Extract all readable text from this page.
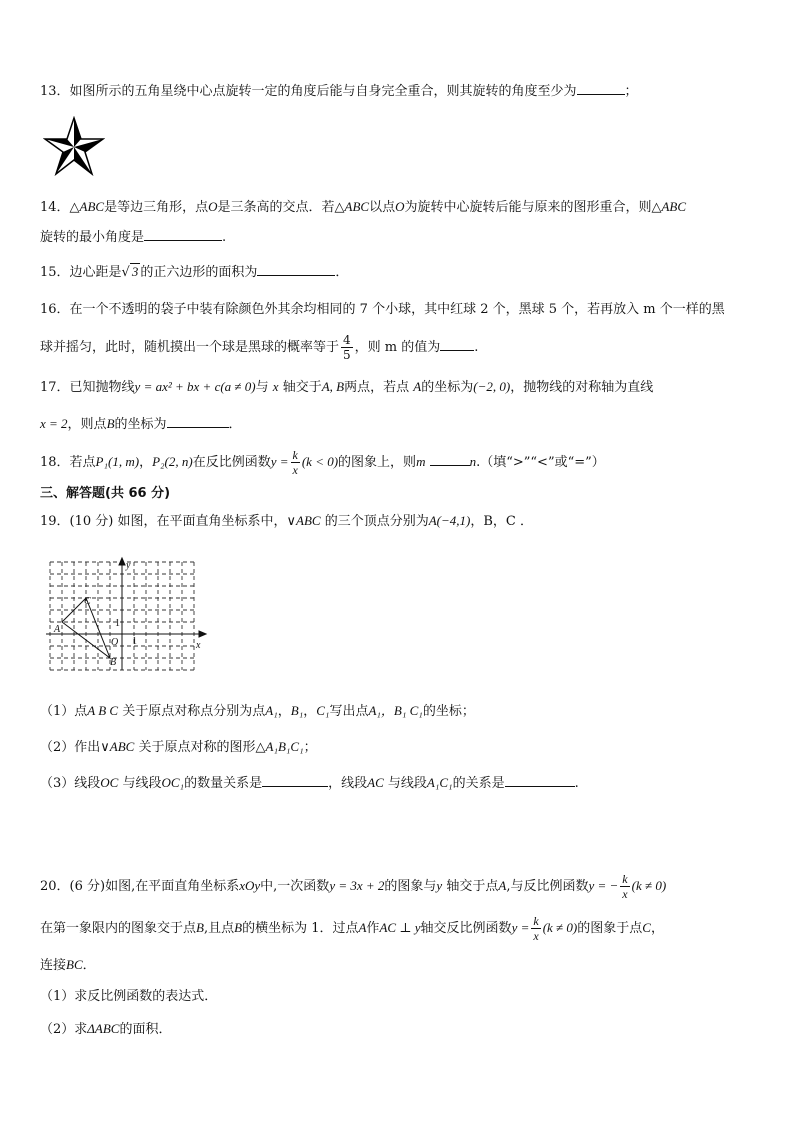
13．如图所示的五角星绕中心点旋转一定的角度后能与自身完全重合，则其旋转的角度至少为	；
14．△ABC是等边三角形，点O是三条高的交点．若△ABC以点O为旋转中心旋转后能与原来的图形重合，则△ABC
旋转的最小角度是	.
15．边心距是√ 3 的正六边形的面积为	．
16．在一个不透明的袋子中装有除颜色外其余均相同的 7 个小球，其中红球 2 个，黑球 5 个，若再放入 m 个一样的黑
球并摇匀，此时，随机摸出一个球是黑球的概率等于 $\frac{4}{5}$ ，则 m 的值为	.
17．已知抛物线y = ax² + bx + c(a ≠ 0)与 x 轴交于A, B两点，若点 A的坐标为(−2, 0)，抛物线的对称轴为直线
x = 2，则点B的坐标为	．
18．若点P₁(1, m)，P₂(2, n)在反比例函数$y = \frac{k}{x} (k < 0)$的图象上，则m	n.（填“>”“<”或“=”）
三、解答题(共 66 分)
19．(10 分) 如图，在平面直角坐标系中，∨ABC 的三个顶点分别为A(−4,1)，B，C ．
y
x
A
C
B
O
1
1
（1）点A B C 关于原点对称点分别为点A₁，B₁，C₁写出点A₁，B₁ C₁的坐标；
（2）作出∨ABC 关于原点对称的图形△A₁B₁C₁；
（3）线段OC 与线段OC₁的数量关系是	，线段AC 与线段A₁C₁的关系是	.
20．(6 分)如图,在平面直角坐标系xOy中,一次函数y = 3x + 2的图象与y 轴交于点A,与反比例函数y = − $\frac{k}{x} (k \ne 0)$
在第一象限内的图象交于点B,且点B的横坐标为 1．过点A作AC ⊥ y轴交反比例函数$y = \frac{k}{x} (k \ne 0)$的图象于点C，
连接BC．
（1）求反比例函数的表达式．
（2）求ΔABC的面积．
